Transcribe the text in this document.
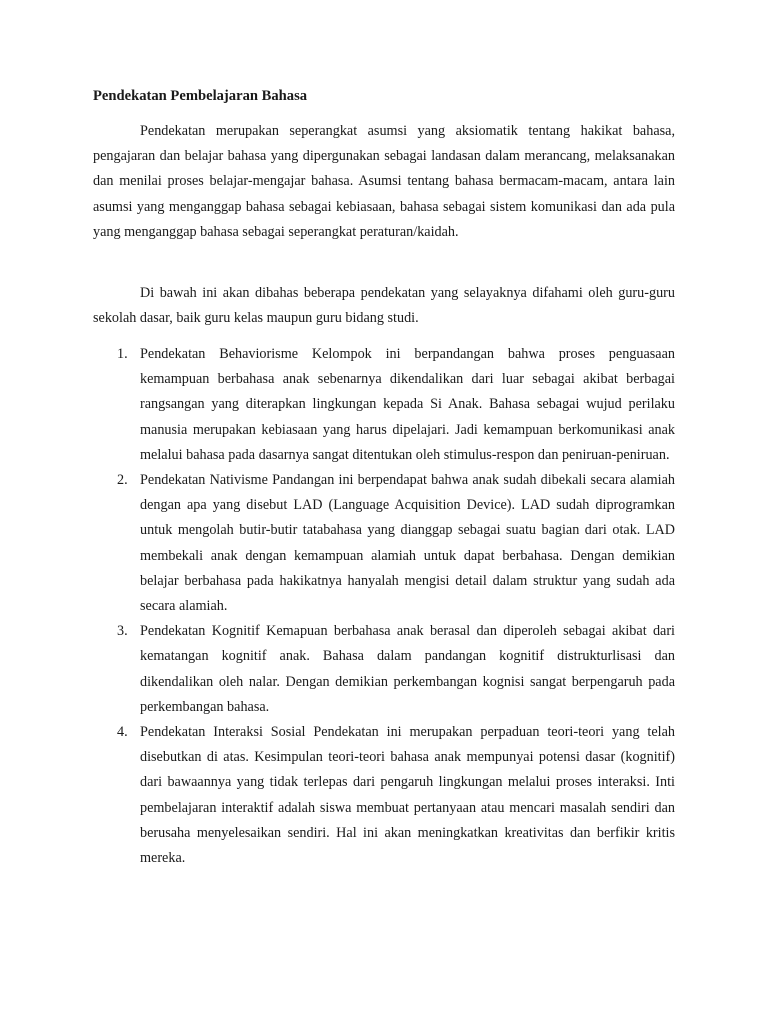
Pendekatan Pembelajaran Bahasa

Pendekatan merupakan seperangkat asumsi yang aksiomatik tentang hakikat bahasa, pengajaran dan belajar bahasa yang dipergunakan sebagai landasan dalam merancang, melaksanakan dan menilai proses belajar-mengajar bahasa. Asumsi tentang bahasa bermacam-macam, antara lain asumsi yang menganggap bahasa sebagai kebiasaan, bahasa sebagai sistem komunikasi dan ada pula yang menganggap bahasa sebagai seperangkat peraturan/kaidah.

Di bawah ini akan dibahas beberapa pendekatan yang selayaknya difahami oleh guru-guru sekolah dasar, baik guru kelas maupun guru bidang studi.

1. Pendekatan Behaviorisme Kelompok ini berpandangan bahwa proses penguasaan kemampuan berbahasa anak sebenarnya dikendalikan dari luar sebagai akibat berbagai rangsangan yang diterapkan lingkungan kepada Si Anak. Bahasa sebagai wujud perilaku manusia merupakan kebiasaan yang harus dipelajari. Jadi kemampuan berkomunikasi anak melalui bahasa pada dasarnya sangat ditentukan oleh stimulus-respon dan peniruan-peniruan.
2. Pendekatan Nativisme Pandangan ini berpendapat bahwa anak sudah dibekali secara alamiah dengan apa yang disebut LAD (Language Acquisition Device). LAD sudah diprogramkan untuk mengolah butir-butir tatabahasa yang dianggap sebagai suatu bagian dari otak. LAD membekali anak dengan kemampuan alamiah untuk dapat berbahasa. Dengan demikian belajar berbahasa pada hakikatnya hanyalah mengisi detail dalam struktur yang sudah ada secara alamiah.
3. Pendekatan Kognitif Kemapuan berbahasa anak berasal dan diperoleh sebagai akibat dari kematangan kognitif anak. Bahasa dalam pandangan kognitif distrukturlisasi dan dikendalikan oleh nalar. Dengan demikian perkembangan kognisi sangat berpengaruh pada perkembangan bahasa.
4. Pendekatan Interaksi Sosial Pendekatan ini merupakan perpaduan teori-teori yang telah disebutkan di atas. Kesimpulan teori-teori bahasa anak mempunyai potensi dasar (kognitif) dari bawaannya yang tidak terlepas dari pengaruh lingkungan melalui proses interaksi. Inti pembelajaran interaktif adalah siswa membuat pertanyaan atau mencari masalah sendiri dan berusaha menyelesaikan sendiri. Hal ini akan meningkatkan kreativitas dan berfikir kritis mereka.
